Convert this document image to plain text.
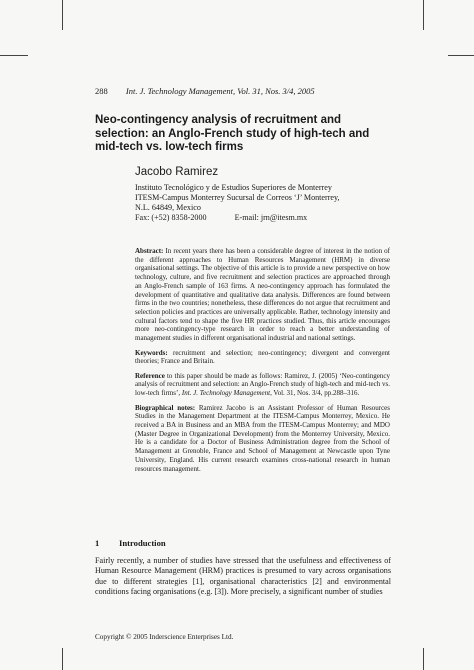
288 Int. J. Technology Management, Vol. 31, Nos. 3/4, 2005
Neo-contingency analysis of recruitment and selection: an Anglo-French study of high-tech and mid-tech vs. low-tech firms
Jacobo Ramirez
Instituto Tecnológico y de Estudios Superiores de Monterrey
ITESM-Campus Monterrey Sucursal de Correos ‘J’ Monterrey,
N.L. 64849, Mexico
Fax: (+52) 8358-2000	E-mail: jrn@itesm.mx

Abstract: In recent years there has been a considerable degree of interest in the notion of the different approaches to Human Resources Management (HRM) in diverse organisational settings. The objective of this article is to provide a new perspective on how technology, culture, and five recruitment and selection practices are approached through an Anglo-French sample of 163 firms. A neo-contingency approach has formulated the development of quantitative and qualitative data analysis. Differences are found between firms in the two countries; nonetheless, these differences do not argue that recruitment and selection policies and practices are universally applicable. Rather, technology intensity and cultural factors tend to shape the five HR practices studied. Thus, this article encourages more neo-contingency-type research in order to reach a better understanding of management studies in different organisational industrial and national settings.

Keywords: recruitment and selection; neo-contingency; divergent and convergent theories; France and Britain.

Reference to this paper should be made as follows: Ramirez, J. (2005) ‘Neo-contingency analysis of recruitment and selection: an Anglo-French study of high-tech and mid-tech vs. low-tech firms’, Int. J. Technology Management, Vol. 31, Nos. 3/4, pp.288–316.

Biographical notes: Ramirez Jacobo is an Assistant Professor of Human Resources Studies in the Management Department at the ITESM-Campus Monterrey, Mexico. He received a BA in Business and an MBA from the ITESM-Campus Monterrey; and MDO (Master Degree in Organizational Development) from the Monterrey University, Mexico. He is a candidate for a Doctor of Business Administration degree from the School of Management at Grenoble, France and School of Management at Newcastle upon Tyne University, England. His current research examines cross-national research in human resources management.

1 Introduction

Fairly recently, a number of studies have stressed that the usefulness and effectiveness of Human Resource Management (HRM) practices is presumed to vary across organisations due to different strategies [1], organisational characteristics [2] and environmental conditions facing organisations (e.g. [3]). More precisely, a significant number of studies

Copyright © 2005 Inderscience Enterprises Ltd.
